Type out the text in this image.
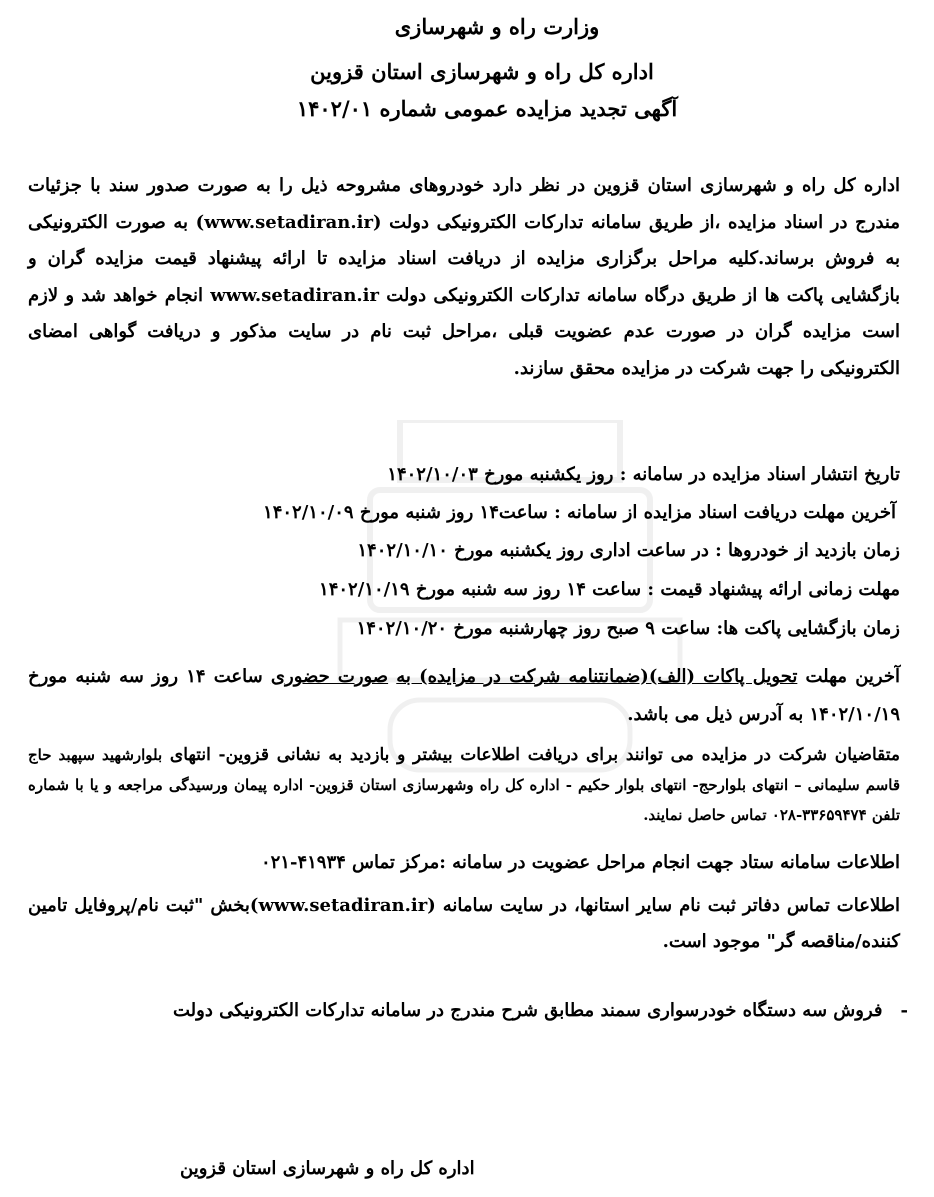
وزارت راه و شهرسازی
اداره کل راه و شهرسازی استان قزوین
آگهی تجدید مزایده عمومی شماره ۱۴۰۲/۰۱
اداره کل راه و شهرسازی استان قزوین در نظر دارد خودروهای مشروحه ذیل را به صورت صدور سند با جزئیات مندرج در اسناد مزایده ،از طریق سامانه تدارکات الکترونیکی دولت (www.setadiran.ir) به صورت الکترونیکی به فروش برساند.کلیه مراحل برگزاری مزایده از دریافت اسناد مزایده تا ارائه پیشنهاد قیمت مزایده گران و بازگشایی پاکت ها از طریق درگاه سامانه تدارکات الکترونیکی دولت www.setadiran.ir انجام خواهد شد و لازم است مزایده گران در صورت عدم عضویت قبلی ،مراحل ثبت نام در سایت مذکور و دریافت گواهی امضای الکترونیکی را جهت شرکت در مزایده محقق سازند.
تاریخ انتشار اسناد مزایده در سامانه : روز یکشنبه مورخ ۱۴۰۲/۱۰/۰۳
آخرین مهلت دریافت اسناد مزایده از سامانه : ساعت۱۴ روز شنبه مورخ ۱۴۰۲/۱۰/۰۹
زمان بازدید از خودروها : در ساعت اداری روز یکشنبه مورخ ۱۴۰۲/۱۰/۱۰
مهلت زمانی ارائه پیشنهاد قیمت : ساعت ۱۴ روز سه شنبه مورخ ۱۴۰۲/۱۰/۱۹
زمان بازگشایی پاکت ها: ساعت ۹ صبح روز چهارشنبه مورخ ۱۴۰۲/۱۰/۲۰
آخرین مهلت تحویل پاکات (الف)(ضمانتنامه شرکت در مزایده) به صورت حضوری ساعت ۱۴ روز سه شنبه مورخ ۱۴۰۲/۱۰/۱۹ به آدرس ذیل می باشد.
متقاضیان شرکت در مزایده می توانند برای دریافت اطلاعات بیشتر و بازدید به نشانی قزوین- انتهای بلوارشهید سپهبد حاج قاسم سلیمانی – انتهای بلوارحج- انتهای بلوار حکیم - اداره کل راه وشهرسازی استان قزوین- اداره پیمان ورسیدگی مراجعه و یا با شماره تلفن ۳۳۶۵۹۴۷۴-۰۲۸ تماس حاصل نمایند.
اطلاعات سامانه ستاد جهت انجام مراحل عضویت در سامانه :مرکز تماس ۴۱۹۳۴-۰۲۱
اطلاعات تماس دفاتر ثبت نام سایر استانها، در سایت سامانه (www.setadiran.ir)بخش "ثبت نام/پروفایل تامین کننده/مناقصه گر" موجود است.
-فروش سه دستگاه خودرسواری سمند مطابق شرح مندرج در سامانه تدارکات الکترونیکی دولت
اداره کل راه و شهرسازی استان قزوین
